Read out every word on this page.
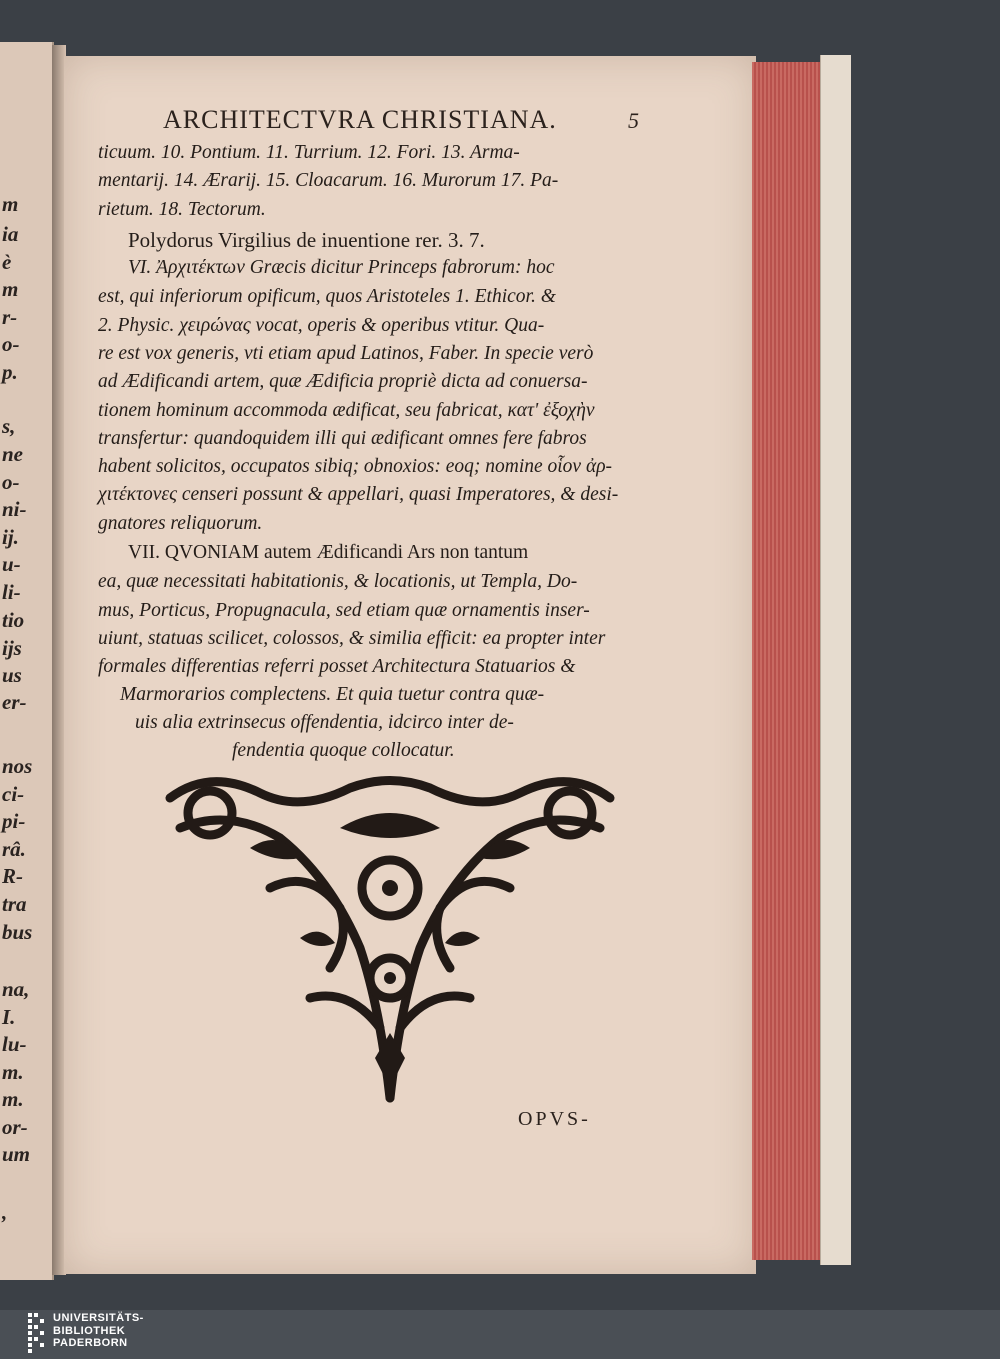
m
ia
è
m
r-
o-
p.
s,
ne
o-
ni-
ij.
u-
li-
tio
ijs
us
er-
nos
ci-
pi-
râ.
R-
tra
bus
na,
I.
lu-
m.
m.
or-
um
,
ARCHITECTVRA CHRISTIANA.	5
ticuum. 10. Pontium. 11. Turrium. 12. Fori. 13. Arma-
mentarij. 14. Ærarij. 15. Cloacarum. 16. Murorum 17. Pa-
rietum. 18. Tectorum.
Polydorus Virgilius de inuentione rer. 3. 7.
VI. Ἀρχιτέκτων Græcis dicitur Princeps fabrorum: hoc
est, qui inferiorum opificum, quos Aristoteles 1. Ethicor. &
2. Physic. χειρώνας vocat, operis & operibus vtitur. Qua-
re est vox generis, vti etiam apud Latinos, Faber. In specie verò
ad Ædificandi artem, quæ Ædificia propriè dicta ad conuersa-
tionem hominum accommoda ædificat, seu fabricat, κατ' ἐξοχὴν
transfertur: quandoquidem illi qui ædificant omnes fere fabros
habent solicitos, occupatos sibiq; obnoxios: eoq; nomine οἷον ἀρ-
χιτέκτονες censeri possunt & appellari, quasi Imperatores, & desi-
gnatores reliquorum.
VII. QVONIAM autem Ædificandi Ars non tantum
ea, quæ necessitati habitationis, & locationis, ut Templa, Do-
mus, Porticus, Propugnacula, sed etiam quæ ornamentis inser-
uiunt, statuas scilicet, colossos, & similia efficit: ea propter inter
formales differentias referri posset Architectura Statuarios &
Marmorarios complectens. Et quia tuetur contra quæ-
uis alia extrinsecus offendentia, idcirco inter de-
fendentia quoque collocatur.
OPVS-
UNIVERSITÄTS-
BIBLIOTHEK
PADERBORN
